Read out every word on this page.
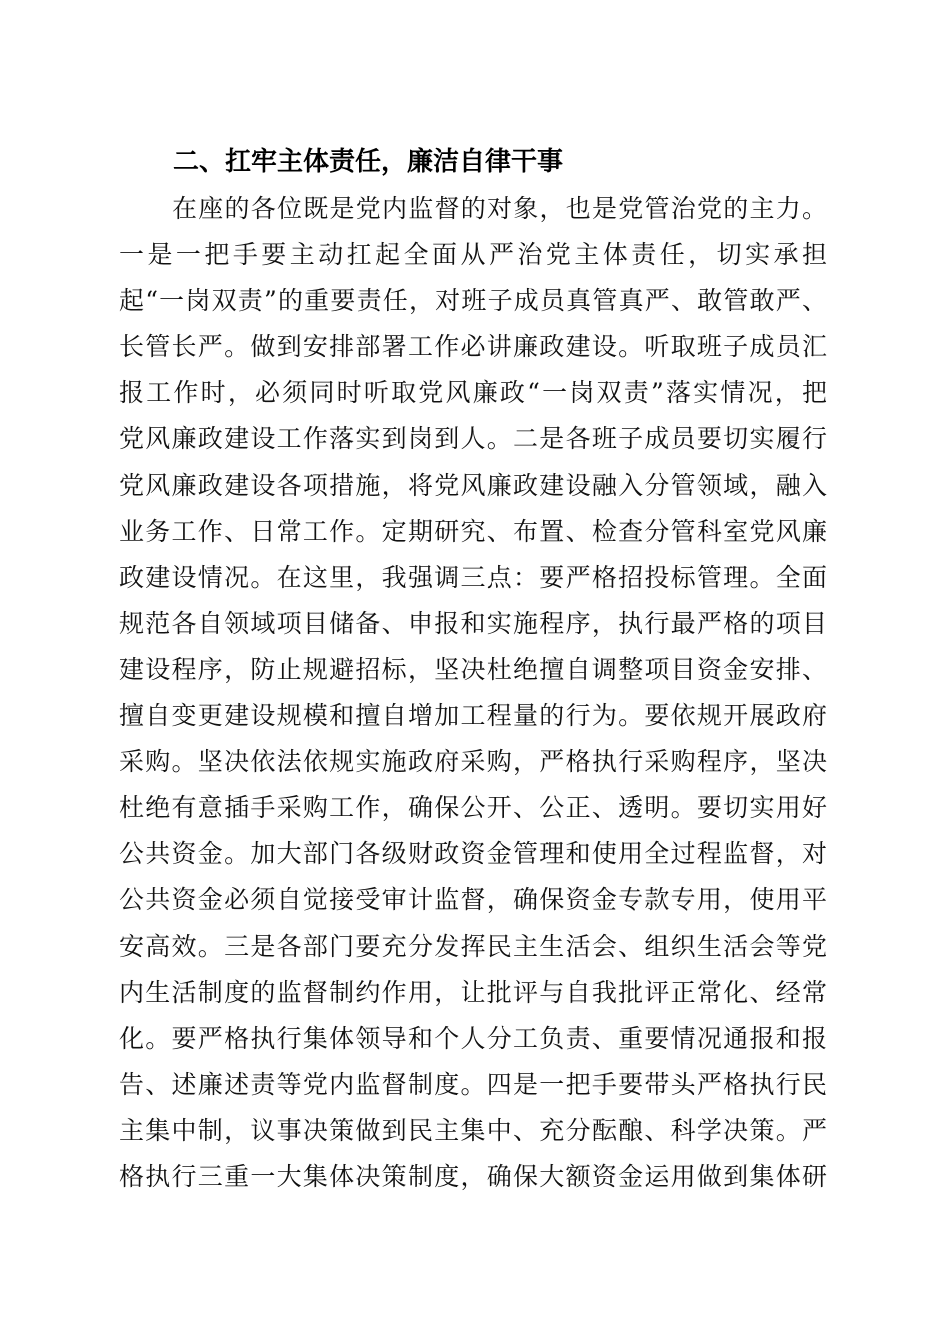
二、扛牢主体责任，廉洁自律干事
在座的各位既是党内监督的对象，也是党管治党的主力。
一是一把手要主动扛起全面从严治党主体责任，切实承担
起“一岗双责”的重要责任，对班子成员真管真严、敢管敢严、
长管长严。做到安排部署工作必讲廉政建设。听取班子成员汇
报工作时，必须同时听取党风廉政“一岗双责”落实情况，把
党风廉政建设工作落实到岗到人。二是各班子成员要切实履行
党风廉政建设各项措施，将党风廉政建设融入分管领域，融入
业务工作、日常工作。定期研究、布置、检查分管科室党风廉
政建设情况。在这里，我强调三点：要严格招投标管理。全面
规范各自领域项目储备、申报和实施程序，执行最严格的项目
建设程序，防止规避招标，坚决杜绝擅自调整项目资金安排、
擅自变更建设规模和擅自增加工程量的行为。要依规开展政府
采购。坚决依法依规实施政府采购，严格执行采购程序，坚决
杜绝有意插手采购工作，确保公开、公正、透明。要切实用好
公共资金。加大部门各级财政资金管理和使用全过程监督，对
公共资金必须自觉接受审计监督，确保资金专款专用，使用平
安高效。三是各部门要充分发挥民主生活会、组织生活会等党
内生活制度的监督制约作用，让批评与自我批评正常化、经常
化。要严格执行集体领导和个人分工负责、重要情况通报和报
告、述廉述责等党内监督制度。四是一把手要带头严格执行民
主集中制，议事决策做到民主集中、充分酝酿、科学决策。严
格执行三重一大集体决策制度，确保大额资金运用做到集体研
